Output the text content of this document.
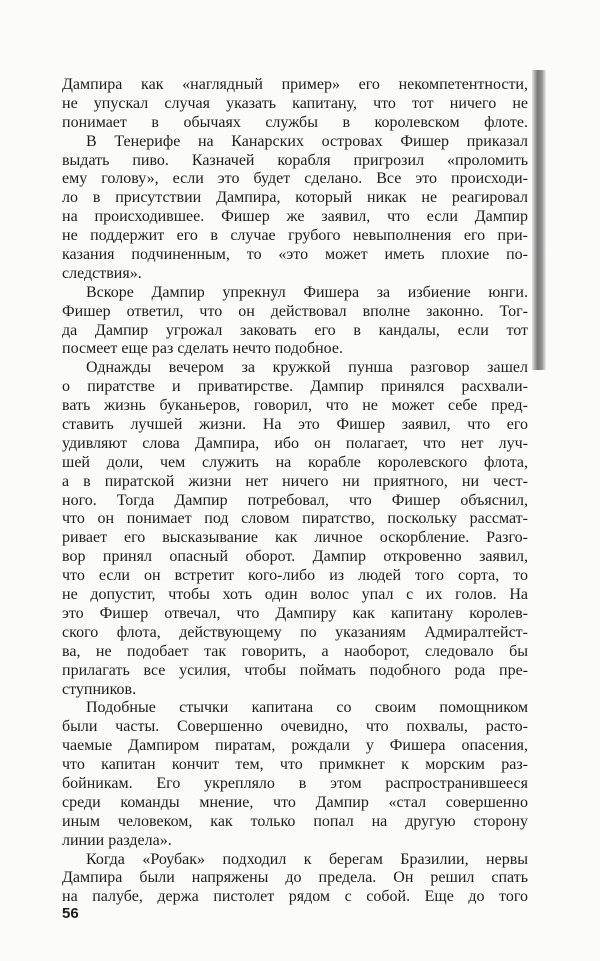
Дампира как «наглядный пример» его некомпетентности,
не упускал случая указать капитану, что тот ничего не
понимает в обычаях службы в королевском флоте.
В Тенерифе на Канарских островах Фишер приказал
выдать пиво. Казначей корабля пригрозил «проломить
ему голову», если это будет сделано. Все это происходи-
ло в присутствии Дампира, который никак не реагировал
на происходившее. Фишер же заявил, что если Дампир
не поддержит его в случае грубого невыполнения его при-
казания подчиненным, то «это может иметь плохие по-
следствия».
Вскоре Дампир упрекнул Фишера за избиение юнги.
Фишер ответил, что он действовал вполне законно. Тог-
да Дампир угрожал заковать его в кандалы, если тот
посмеет еще раз сделать нечто подобное.
Однажды вечером за кружкой пунша разговор зашел
о пиратстве и приватирстве. Дампир принялся расхвали-
вать жизнь буканьеров, говорил, что не может себе пред-
ставить лучшей жизни. На это Фишер заявил, что его
удивляют слова Дампира, ибо он полагает, что нет луч-
шей доли, чем служить на корабле королевского флота,
а в пиратской жизни нет ничего ни приятного, ни чест-
ного. Тогда Дампир потребовал, что Фишер объяснил,
что он понимает под словом пиратство, поскольку рассмат-
ривает его высказывание как личное оскорбление. Разго-
вор принял опасный оборот. Дампир откровенно заявил,
что если он встретит кого-либо из людей того сорта, то
не допустит, чтобы хоть один волос упал с их голов. На
это Фишер отвечал, что Дампиру как капитану королев-
ского флота, действующему по указаниям Адмиралтейст-
ва, не подобает так говорить, а наоборот, следовало бы
прилагать все усилия, чтобы поймать подобного рода пре-
ступников.
Подобные стычки капитана со своим помощником
были часты. Совершенно очевидно, что похвалы, расто-
чаемые Дампиром пиратам, рождали у Фишера опасения,
что капитан кончит тем, что примкнет к морским раз-
бойникам. Его укрепляло в этом распространившееся
среди команды мнение, что Дампир «стал совершенно
иным человеком, как только попал на другую сторону
линии раздела».
Когда «Роубак» подходил к берегам Бразилии, нервы
Дампира были напряжены до предела. Он решил спать
на палубе, держа пистолет рядом с собой. Еще до того
56
